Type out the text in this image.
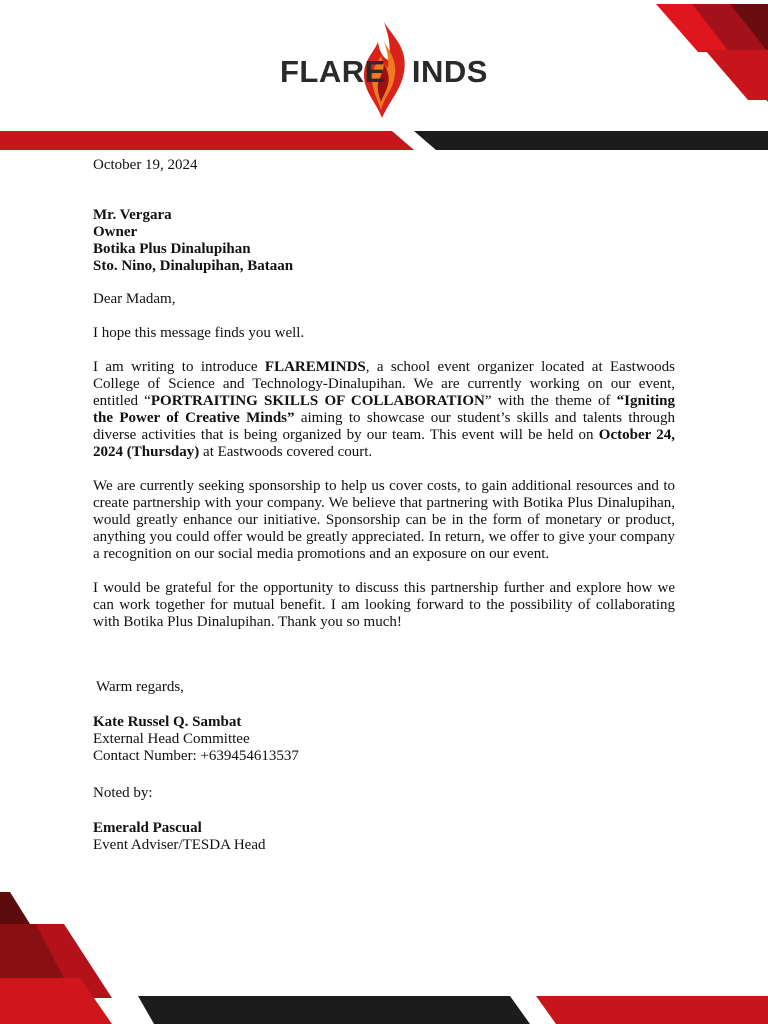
FLARE INDS

October 19, 2024

Mr. Vergara
Owner
Botika Plus Dinalupihan
Sto. Nino, Dinalupihan, Bataan

Dear Madam,

I hope this message finds you well.

I am writing to introduce FLAREMINDS, a school event organizer located at Eastwoods College of Science and Technology-Dinalupihan. We are currently working on our event, entitled “PORTRAITING SKILLS OF COLLABORATION” with the theme of “Igniting the Power of Creative Minds” aiming to showcase our student’s skills and talents through diverse activities that is being organized by our team. This event will be held on October 24, 2024 (Thursday) at Eastwoods covered court.

We are currently seeking sponsorship to help us cover costs, to gain additional resources and to create partnership with your company. We believe that partnering with Botika Plus Dinalupihan, would greatly enhance our initiative. Sponsorship can be in the form of monetary or product, anything you could offer would be greatly appreciated. In return, we offer to give your company a recognition on our social media promotions and an exposure on our event.

I would be grateful for the opportunity to discuss this partnership further and explore how we can work together for mutual benefit. I am looking forward to the possibility of collaborating with Botika Plus Dinalupihan. Thank you so much!

Warm regards,

Kate Russel Q. Sambat
External Head Committee
Contact Number: +639454613537

Noted by:

Emerald Pascual
Event Adviser/TESDA Head
